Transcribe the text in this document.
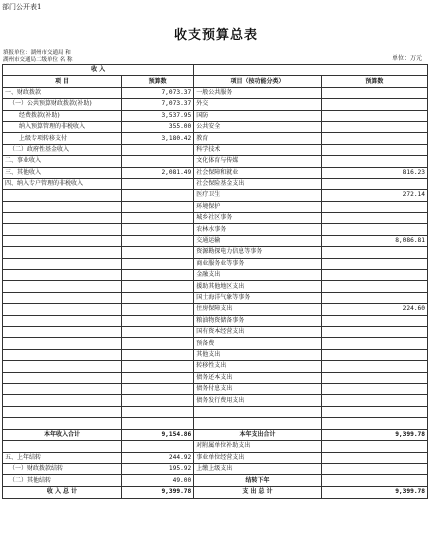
部门公开表1
收支预算总表
填报单位：湖州市交通局 和
湖州市交通局二级单位 名 称	单位：万元
收 入			
项 目	预算数	项目（按功能分类）	预算数
一、财政拨款	7,073.37	一般公共服务	
（一）公共预算财政拨款(补助)	7,073.37	外交	
经费拨款(补助)	3,537.95	国防	
纳入预算管理的非税收入	355.00	公共安全	
上级专项转移支付	3,180.42	教育	
（二）政府性基金收入		科学技术	
二、事业收入		文化体育与传媒	
三、其他收入	2,081.49	社会保障和就业	816.23
四、纳入专户管理的非税收入		社会保险基金支出	
		医疗卫生	272.14
		环境保护	
		城乡社区事务	
		农林水事务	
		交通运输	8,086.81
		资源勘探电力信息等事务	
		商业服务业等事务	
		金融支出	
		援助其他地区支出	
		国土海洋气象等事务	
		住房保障支出	224.60
		粮油物资储备事务	
		国有资本经营支出	
		预备费	
		其他支出	
		转移性支出	
		债务还本支出	
		债务付息支出	
		债务发行费用支出	

本年收入合计	9,154.86	本年支出合计	9,399.78
		对附属单位补助支出	
五、上年结转	244.92	事业单位经营支出	
（一）财政拨款结转	195.92	上缴上级支出	
（二）其他结转	49.00	结转下年	
收 入 总 计	9,399.78	支 出 总 计	9,399.78
